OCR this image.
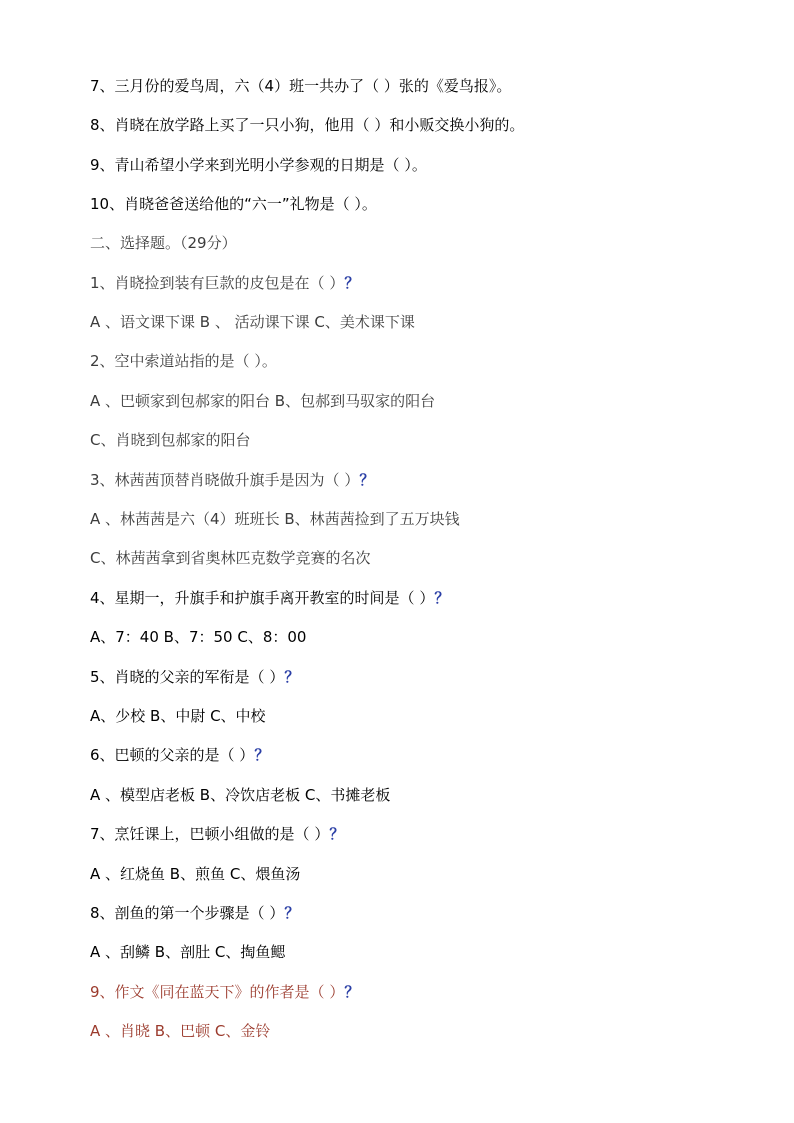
7、三月份的爱鸟周，六（4）班一共办了（ ）张的《爱鸟报》。
8、肖晓在放学路上买了一只小狗，他用（ ）和小贩交换小狗的。
9、青山希望小学来到光明小学参观的日期是（ ）。
10、肖晓爸爸送给他的“六一”礼物是（ ）。
二、选择题。（29分）
1、肖晓捡到装有巨款的皮包是在（ ）？
A 、语文课下课 B 、 活动课下课 C、美术课下课
2、空中索道站指的是（ ）。
A 、巴顿家到包郝家的阳台 B、包郝到马驭家的阳台
C、肖晓到包郝家的阳台
3、林茜茜顶替肖晓做升旗手是因为（ ）？
A 、林茜茜是六（4）班班长 B、林茜茜捡到了五万块钱
C、林茜茜拿到省奥林匹克数学竞赛的名次
4、星期一，升旗手和护旗手离开教室的时间是（ ）？
A、7：40 B、7：50 C、8：00
5、肖晓的父亲的军衔是（ ）？
A、少校 B、中尉 C、中校
6、巴顿的父亲的是（ ）？
A 、模型店老板 B、冷饮店老板 C、书摊老板
7、烹饪课上，巴顿小组做的是（ ）？
A 、红烧鱼 B、煎鱼 C、煨鱼汤
8、剖鱼的第一个步骤是（ ）？
A 、刮鳞 B、剖肚 C、掏鱼鳃
9、作文《同在蓝天下》的作者是（ ）？
A 、肖晓 B、巴顿 C、金铃
